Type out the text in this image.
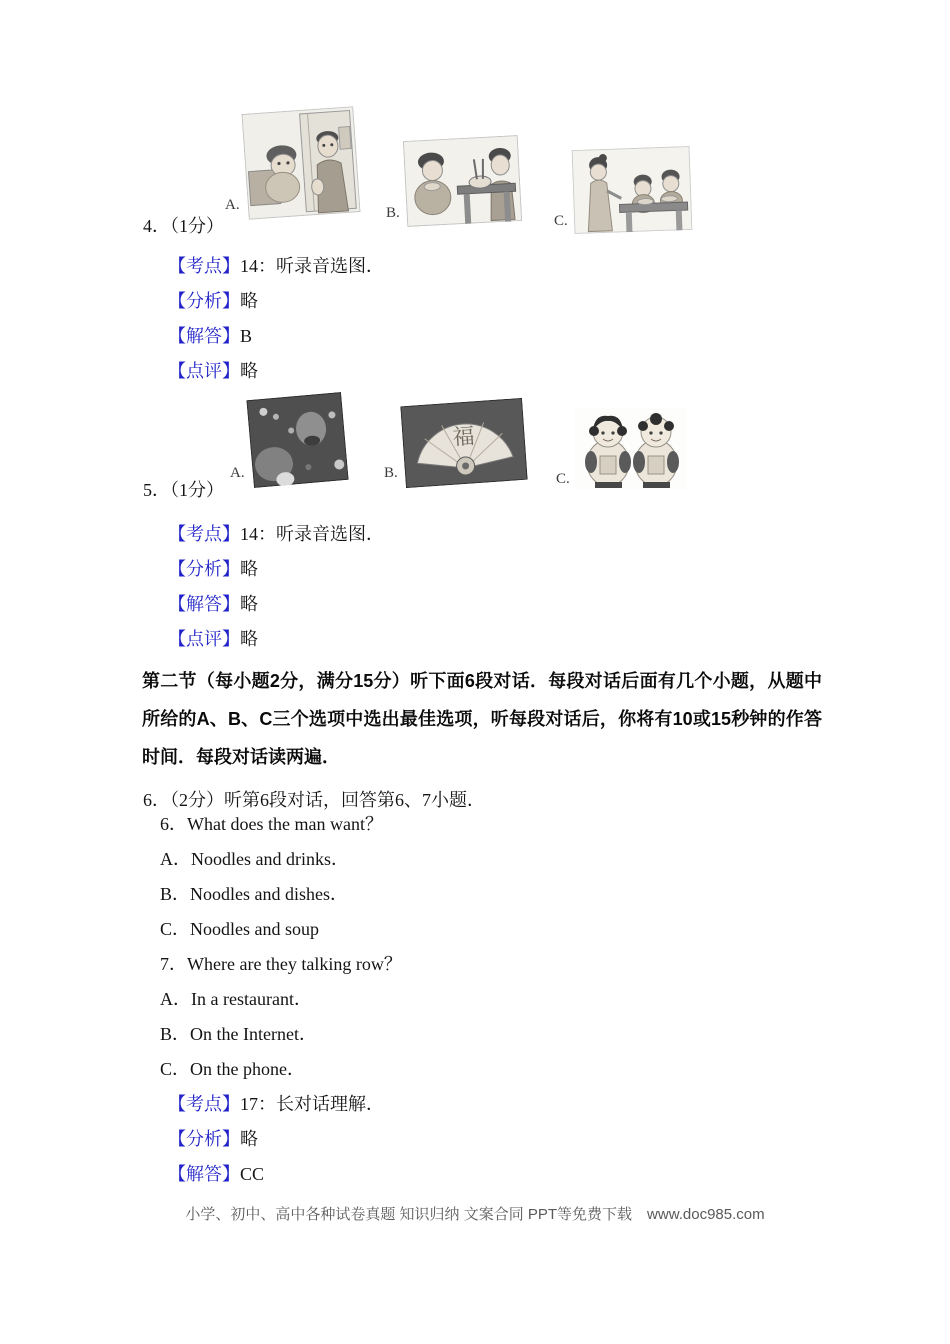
A.	B.	C.

4．（1分）

【考点】14：听录音选图．

【分析】略

【解答】B

【点评】略

A.	B.
福
C.

5．（1分）

【考点】14：听录音选图．

【分析】略

【解答】略

【点评】略

第二节（每小题2分，满分15分）听下面6段对话．每段对话后面有几个小题，从题中所给的A、B、C三个选项中选出最佳选项，听每段对话后，你将有10或15秒钟的作答时间．每段对话读两遍．

6．（2分）听第6段对话，回答第6、7小题．

6．What does the man want？

A．Noodles and drinks．

B．Noodles and dishes．

C．Noodles and soup

7．Where are they talking row？

A．In a restaurant．

B．On the Internet．

C．On the phone．

【考点】17：长对话理解．

【分析】略

【解答】CC

小学、初中、高中各种试卷真题 知识归纳 文案合同 PPT等免费下载　www.doc985.com
